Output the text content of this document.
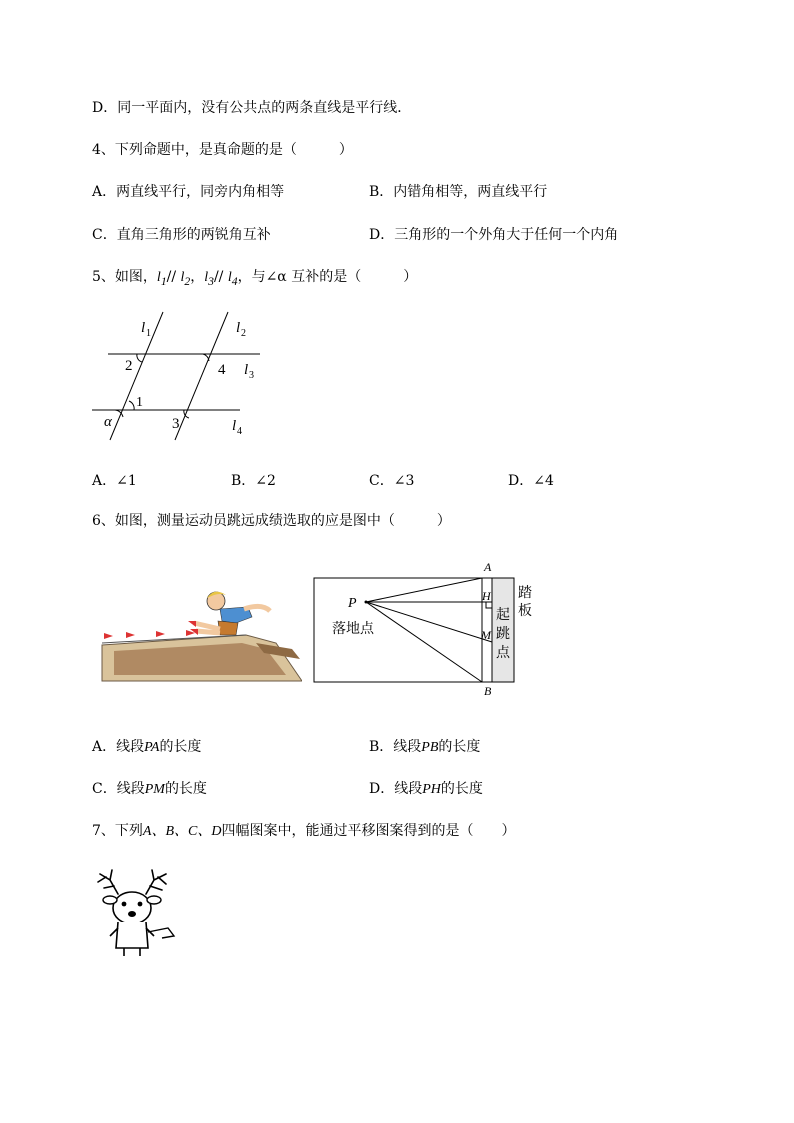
D．同一平面内，没有公共点的两条直线是平行线．
4、下列命题中，是真命题的是（　　　）
A．两直线平行，同旁内角相等	B．内错角相等，两直线平行
C．直角三角形的两锐角互补	D．三角形的一个外角大于任何一个内角
5、如图，$l_1//$ $l_2$，$l_3//$ $l_4$，与∠α 互补的是（　　　）
l 1	l 2
l 3
l 4
2	4
1
α	3
A．∠1	B．∠2	C．∠3	D．∠4
6、如图，测量运动员跳远成绩选取的应是图中（　　　）
P
A
B
H
M
落地点
踏板
起跳点
A．线段PA的长度	B．线段PB的长度
C．线段PM的长度	D．线段PH的长度
7、下列A、B、C、D四幅图案中，能通过平移图案得到的是（　　）
